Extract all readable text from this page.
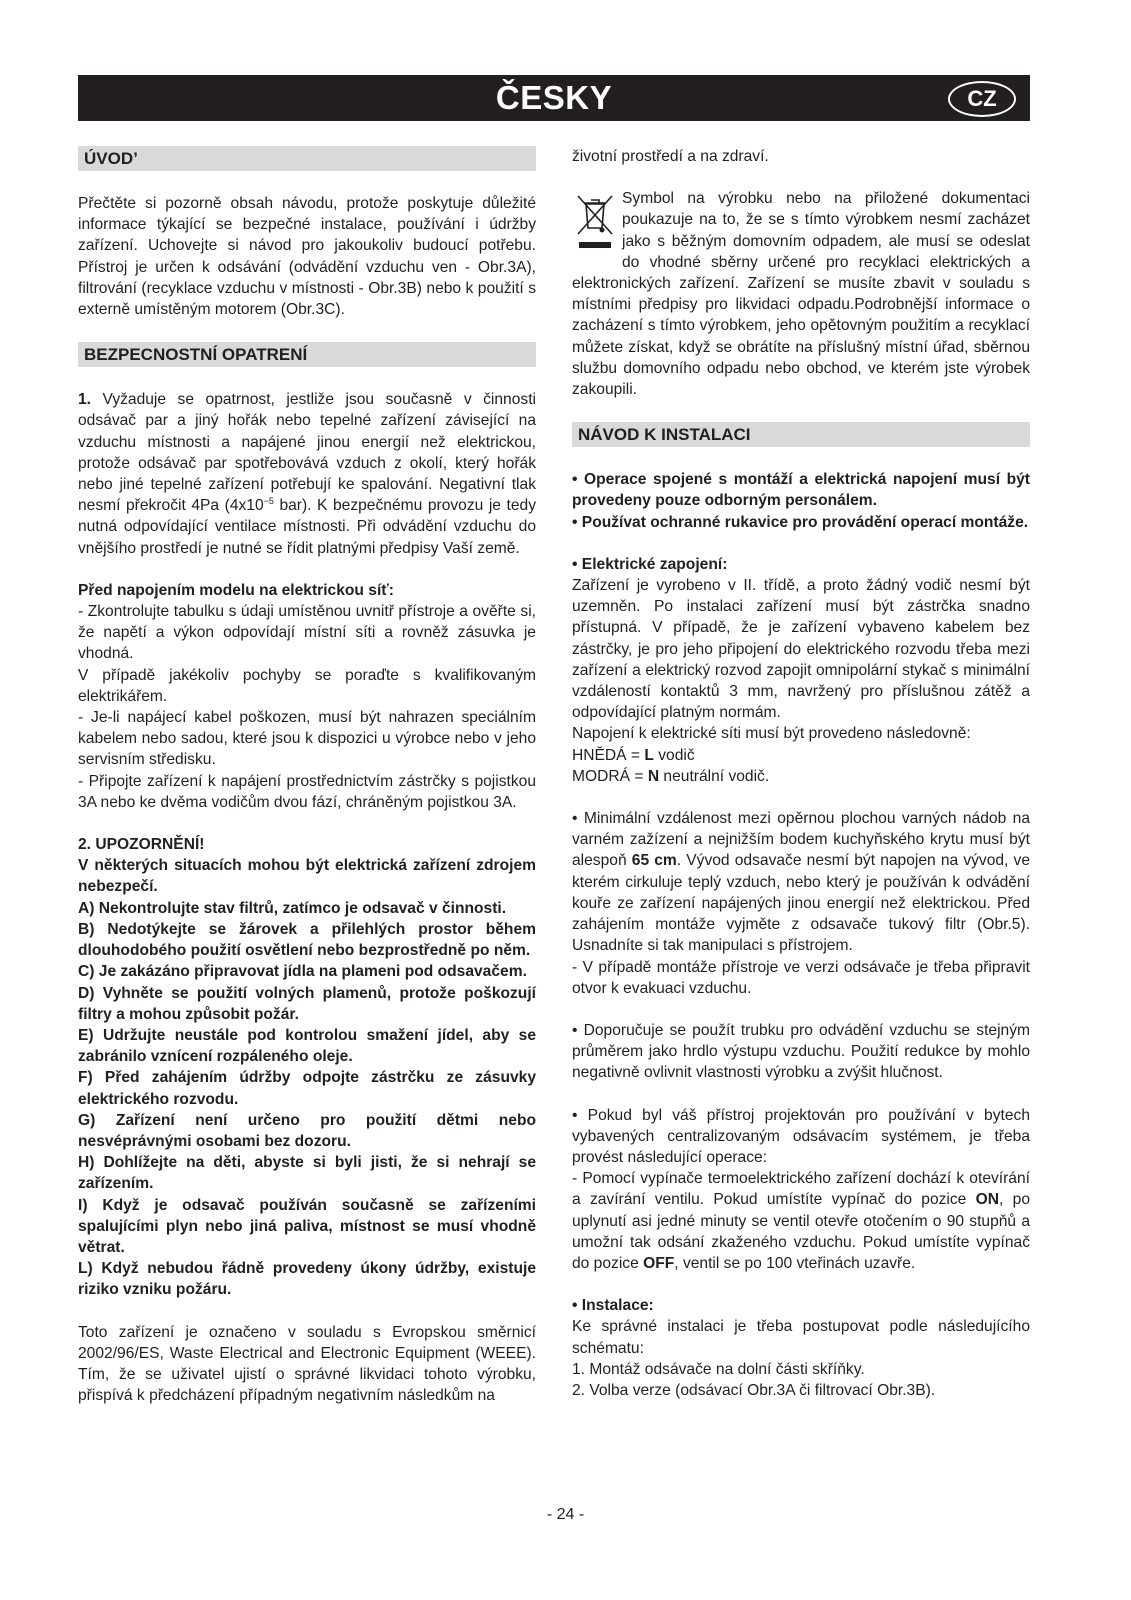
ČESKY	CZ
ÚVOD’

Přečtěte si pozorně obsah návodu, protože poskytuje důležité informace týkající se bezpečné instalace, používání i údržby zařízení. Uchovejte si návod pro jakoukoliv budoucí potřebu. Přístroj je určen k odsávání (odvádění vzduchu ven - Obr.3A), filtrování (recyklace vzduchu v místnosti - Obr.3B) nebo k použití s externě umístěným motorem (Obr.3C).

BEZPECNOSTNÍ OPATRENÍ

1. Vyžaduje se opatrnost, jestliže jsou současně v činnosti odsávač par a jiný hořák nebo tepelné zařízení závisející na vzduchu místnosti a napájené jinou energií než elektrickou, protože odsávač par spotřebovává vzduch z okolí, který hořák nebo jiné tepelné zařízení potřebují ke spalování. Negativní tlak nesmí překročit 4Pa ($4x10^{-5}$ bar). K bezpečnému provozu je tedy nutná odpovídající ventilace místnosti. Při odvádění vzduchu do vnějšího prostředí je nutné se řídit platnými předpisy Vaší země.

Před napojením modelu na elektrickou síť:

- Zkontrolujte tabulku s údaji umístěnou uvnitř přístroje a ověřte si, že napětí a výkon odpovídají místní síti a rovněž zásuvka je vhodná.

V případě jakékoliv pochyby se poraďte s kvalifikovaným elektrikářem.

- Je-li napájecí kabel poškozen, musí být nahrazen speciálním kabelem nebo sadou, které jsou k dispozici u výrobce nebo v jeho servisním středisku.

- Připojte zařízení k napájení prostřednictvím zástrčky s pojistkou 3A nebo ke dvěma vodičům dvou fází, chráněným pojistkou 3A.

2. UPOZORNĚNÍ!

V některých situacích mohou být elektrická zařízení zdrojem nebezpečí.

A) Nekontrolujte stav filtrů, zatímco je odsavač v činnosti.

B) Nedotýkejte se žárovek a přilehlých prostor během dlouhodobého použití osvětlení nebo bezprostředně po něm.

C) Je zakázáno připravovat jídla na plameni pod odsavačem.

D) Vyhněte se použití volných plamenů, protože poškozují filtry a mohou způsobit požár.

E) Udržujte neustále pod kontrolou smažení jídel, aby se zabránilo vznícení rozpáleného oleje.

F) Před zahájením údržby odpojte zástrčku ze zásuvky elektrického rozvodu.

G) Zařízení není určeno pro použití dětmi nebo nesvéprávnými osobami bez dozoru.

H) Dohlížejte na děti, abyste si byli jisti, že si nehrají se zařízením.

I) Když je odsavač používán současně se zařízeními spalujícími plyn nebo jiná paliva, místnost se musí vhodně větrat.

L) Když nebudou řádně provedeny úkony údržby, existuje riziko vzniku požáru.

Toto zařízení je označeno v souladu s Evropskou směrnicí 2002/96/ES, Waste Electrical and Electronic Equipment (WEEE). Tím, že se uživatel ujistí o správné likvidaci tohoto výrobku, přispívá k předcházení případným negativním následkům na

životní prostředí a na zdraví.

Symbol na výrobku nebo na přiložené dokumentaci poukazuje na to, že se s tímto výrobkem nesmí zacházet jako s běžným domovním odpadem, ale musí se odeslat do vhodné sběrny určené pro recyklaci elektrických a elektronických zařízení. Zařízení se musíte zbavit v souladu s místními předpisy pro likvidaci odpadu.Podrobnější informace o zacházení s tímto výrobkem, jeho opětovným použitím a recyklací můžete získat, když se obrátíte na příslušný místní úřad, sběrnou službu domovního odpadu nebo obchod, ve kterém jste výrobek zakoupili.

NÁVOD K INSTALACI

• Operace spojené s montáží a elektrická napojení musí být provedeny pouze odborným personálem.

• Používat ochranné rukavice pro provádění operací montáže.

• Elektrické zapojení:

Zařízení je vyrobeno v II. třídě, a proto žádný vodič nesmí být uzemněn. Po instalaci zařízení musí být zástrčka snadno přístupná. V případě, že je zařízení vybaveno kabelem bez zástrčky, je pro jeho připojení do elektrického rozvodu třeba mezi zařízení a elektrický rozvod zapojit omnipolární stykač s minimální vzdáleností kontaktů 3 mm, navržený pro příslušnou zátěž a odpovídající platným normám.

Napojení k elektrické síti musí být provedeno následovně:

HNĚDÁ = L vodič

MODRÁ = N neutrální vodič.

• Minimální vzdálenost mezi opěrnou plochou varných nádob na varném zažízení a nejnižším bodem kuchyňského krytu musí být alespoň 65 cm. Vývod odsavače nesmí být napojen na vývod, ve kterém cirkuluje teplý vzduch, nebo který je používán k odvádění kouře ze zařízení napájených jinou energií než elektrickou. Před zahájením montáže vyjměte z odsavače tukový filtr (Obr.5). Usnadníte si tak manipulaci s přístrojem.

- V případě montáže přístroje ve verzi odsávače je třeba připravit otvor k evakuaci vzduchu.

• Doporučuje se použít trubku pro odvádění vzduchu se stejným průměrem jako hrdlo výstupu vzduchu. Použití redukce by mohlo negativně ovlivnit vlastnosti výrobku a zvýšit hlučnost.

• Pokud byl váš přístroj projektován pro používání v bytech vybavených centralizovaným odsávacím systémem, je třeba provést následující operace:

- Pomocí vypínače termoelektrického zařízení dochází k otevírání a zavírání ventilu. Pokud umístíte vypínač do pozice ON, po uplynutí asi jedné minuty se ventil otevře otočením o 90 stupňů a umožní tak odsání zkaženého vzduchu. Pokud umístíte vypínač do pozice OFF, ventil se po 100 vteřinách uzavře.

• Instalace:

Ke správné instalaci je třeba postupovat podle následujícího schématu:

1. Montáž odsávače na dolní části skříňky.

2. Volba verze (odsávací Obr.3A či filtrovací Obr.3B).

- 24 -
